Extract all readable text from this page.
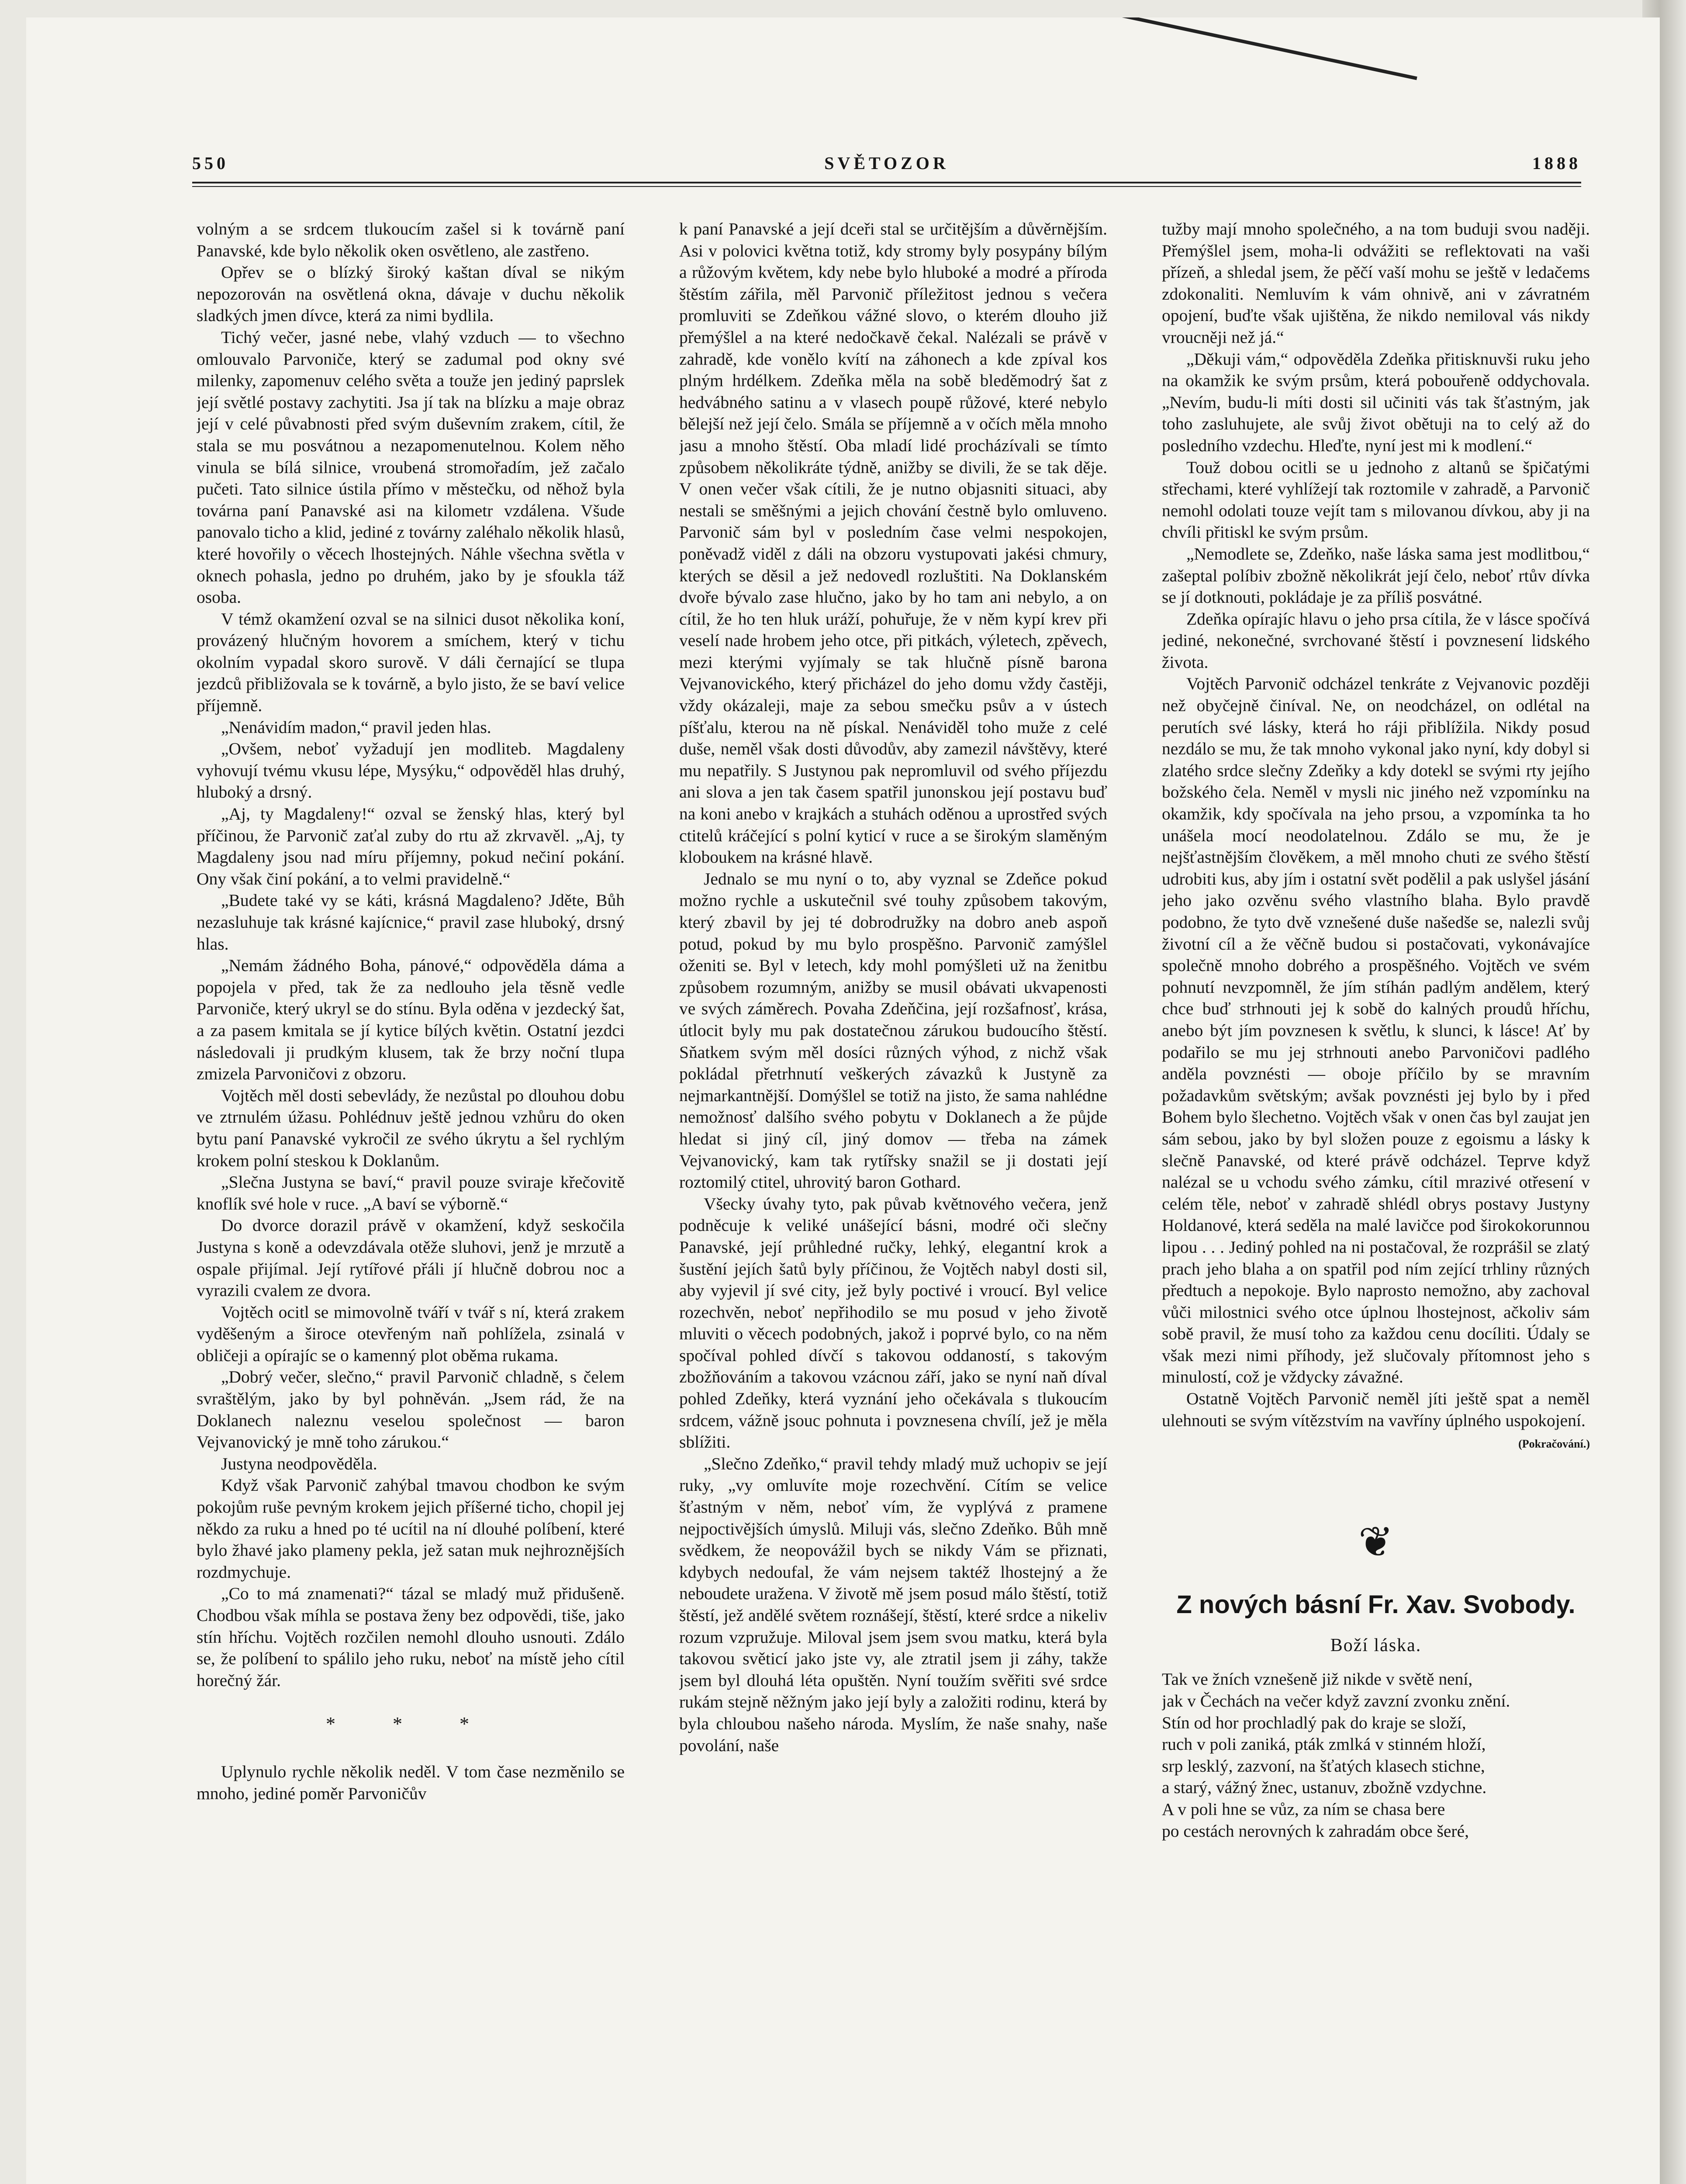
550	SVĚTOZOR	1888

volným a se srdcem tlukoucím zašel si k továrně paní Panavské, kde bylo několik oken osvětleno, ale zastřeno.

Opřev se o blízký široký kaštan díval se nikým nepozorován na osvětlená okna, dávaje v duchu několik sladkých jmen dívce, která za nimi bydlila.

Tichý večer, jasné nebe, vlahý vzduch — to všechno omlouvalo Parvoniče, který se zadumal pod okny své milenky, zapomenuv celého světa a touže jen jediný paprslek její světlé postavy zachytiti. Jsa jí tak na blízku a maje obraz její v celé půvabnosti před svým duševním zrakem, cítil, že stala se mu posvátnou a nezapomenutelnou. Kolem něho vinula se bílá silnice, vroubená stromořadím, jež začalo pučeti. Tato silnice ústila přímo v městečku, od něhož byla továrna paní Panavské asi na kilometr vzdálena. Všude panovalo ticho a klid, jediné z továrny zaléhalo několik hlasů, které hovořily o věcech lhostejných. Náhle všechna světla v oknech pohasla, jedno po druhém, jako by je sfoukla táž osoba.

V témž okamžení ozval se na silnici dusot několika koní, provázený hlučným hovorem a smíchem, který v tichu okolním vypadal skoro surově. V dáli černající se tlupa jezdců přibližovala se k továrně, a bylo jisto, že se baví velice příjemně.

„Nenávidím madon,“ pravil jeden hlas.

„Ovšem, neboť vyžadují jen modliteb. Magdaleny vyhovují tvému vkusu lépe, Mysýku,“ odpověděl hlas druhý, hluboký a drsný.

„Aj, ty Magdaleny!“ ozval se ženský hlas, který byl příčinou, že Parvonič zaťal zuby do rtu až zkrvavěl. „Aj, ty Magdaleny jsou nad míru příjemny, pokud nečiní pokání. Ony však činí pokání, a to velmi pravidelně.“

„Budete také vy se káti, krásná Magdaleno? Jděte, Bůh nezasluhuje tak krásné kajícnice,“ pravil zase hluboký, drsný hlas.

„Nemám žádného Boha, pánové,“ odpověděla dáma a popojela v před, tak že za nedlouho jela těsně vedle Parvoniče, který ukryl se do stínu. Byla oděna v jezdecký šat, a za pasem kmitala se jí kytice bílých květin. Ostatní jezdci následovali ji prudkým klusem, tak že brzy noční tlupa zmizela Parvoničovi z obzoru.

Vojtěch měl dosti sebevlády, že nezůstal po dlouhou dobu ve ztrnulém úžasu. Pohlédnuv ještě jednou vzhůru do oken bytu paní Panavské vykročil ze svého úkrytu a šel rychlým krokem polní steskou k Doklanům.

„Slečna Justyna se baví,“ pravil pouze sviraje křečovitě knoflík své hole v ruce. „A baví se výborně.“

Do dvorce dorazil právě v okamžení, když seskočila Justyna s koně a odevzdávala otěže sluhovi, jenž je mrzutě a ospale přijímal. Její rytířové přáli jí hlučně dobrou noc a vyrazili cvalem ze dvora.

Vojtěch ocitl se mimovolně tváří v tvář s ní, která zrakem vyděšeným a široce otevřeným naň pohlížela, zsinalá v obličeji a opírajíc se o kamenný plot oběma rukama.

„Dobrý večer, slečno,“ pravil Parvonič chladně, s čelem svraštělým, jako by byl pohněván. „Jsem rád, že na Doklanech naleznu veselou společnost — baron Vejvanovický je mně toho zárukou.“

Justyna neodpověděla.

Když však Parvonič zahýbal tmavou chodbon ke svým pokojům ruše pevným krokem jejich příšerné ticho, chopil jej někdo za ruku a hned po té ucítil na ní dlouhé políbení, které bylo žhavé jako plameny pekla, jež satan muk nejhroznějších rozdmychuje.

„Co to má znamenati?“ tázal se mladý muž přidušeně. Chodbou však míhla se postava ženy bez odpovědi, tiše, jako stín hříchu. Vojtěch rozčilen nemohl dlouho usnouti. Zdálo se, že políbení to spálilo jeho ruku, neboť na místě jeho cítil horečný žár.

* * *

Uplynulo rychle několik neděl. V tom čase nezměnilo se mnoho, jediné poměr Parvoničův

k paní Panavské a její dceři stal se určitějším a důvěrnějším. Asi v polovici května totiž, kdy stromy byly posypány bílým a růžovým květem, kdy nebe bylo hluboké a modré a příroda štěstím zářila, měl Parvonič příležitost jednou s večera promluviti se Zdeňkou vážné slovo, o kterém dlouho již přemýšlel a na které nedočkavě čekal. Nalézali se právě v zahradě, kde vonělo kvítí na záhonech a kde zpíval kos plným hrdélkem. Zdeňka měla na sobě bleděmodrý šat z hedvábného satinu a v vlasech poupě růžové, které nebylo bělejší než její čelo. Smála se příjemně a v očích měla mnoho jasu a mnoho štěstí. Oba mladí lidé procházívali se tímto způsobem několikráte týdně, anižby se divili, že se tak děje. V onen večer však cítili, že je nutno objasniti situaci, aby nestali se směšnými a jejich chování čestně bylo omluveno. Parvonič sám byl v posledním čase velmi nespokojen, poněvadž viděl z dáli na obzoru vystupovati jakési chmury, kterých se děsil a jež nedovedl rozluštiti. Na Doklanském dvoře bývalo zase hlučno, jako by ho tam ani nebylo, a on cítil, že ho ten hluk uráží, pohuřuje, že v něm kypí krev při veselí nade hrobem jeho otce, při pitkách, výletech, zpěvech, mezi kterými vyjímaly se tak hlučně písně barona Vejvanovického, který přicházel do jeho domu vždy častěji, vždy okázaleji, maje za sebou smečku psův a v ústech píšťalu, kterou na ně pískal. Nenáviděl toho muže z celé duše, neměl však dosti důvodův, aby zamezil návštěvy, které mu nepatřily. S Justynou pak nepromluvil od svého příjezdu ani slova a jen tak časem spatřil junonskou její postavu buď na koni anebo v krajkách a stuhách oděnou a uprostřed svých ctitelů kráčející s polní kyticí v ruce a se širokým slaměným kloboukem na krásné hlavě.

Jednalo se mu nyní o to, aby vyznal se Zdeňce pokud možno rychle a uskutečnil své touhy způsobem takovým, který zbavil by jej té dobrodružky na dobro aneb aspoň potud, pokud by mu bylo prospěšno. Parvonič zamýšlel oženiti se. Byl v letech, kdy mohl pomýšleti už na ženitbu způsobem rozumným, anižby se musil obávati ukvapenosti ve svých záměrech. Povaha Zdeňčina, její rozšafnosť, krása, útlocit byly mu pak dostatečnou zárukou budoucího štěstí. Sňatkem svým měl dosíci různých výhod, z nichž však pokládal přetrhnutí veškerých závazků k Justyně za nejmarkantnější. Domýšlel se totiž na jisto, že sama nahlédne nemožnosť dalšího svého pobytu v Doklanech a že půjde hledat si jiný cíl, jiný domov — třeba na zámek Vejvanovický, kam tak rytířsky snažil se ji dostati její roztomilý ctitel, uhrovitý baron Gothard.

Všecky úvahy tyto, pak půvab květnového večera, jenž podněcuje k veliké unášející básni, modré oči slečny Panavské, její průhledné ručky, lehký, elegantní krok a šustění jejích šatů byly příčinou, že Vojtěch nabyl dosti sil, aby vyjevil jí své city, jež byly poctivé i vroucí. Byl velice rozechvěn, neboť nepřihodilo se mu posud v jeho životě mluviti o věcech podobných, jakož i poprvé bylo, co na něm spočíval pohled dívčí s takovou oddaností, s takovým zbožňováním a takovou vzácnou září, jako se nyní naň díval pohled Zdeňky, která vyznání jeho očekávala s tlukoucím srdcem, vážně jsouc pohnuta i povznesena chvílí, jež je měla sblížiti.

„Slečno Zdeňko,“ pravil tehdy mladý muž uchopiv se její ruky, „vy omluvíte moje rozechvění. Cítím se velice šťastným v něm, neboť vím, že vyplývá z pramene nejpoctivějších úmyslů. Miluji vás, slečno Zdeňko. Bůh mně svědkem, že neopovážil bych se nikdy Vám se přiznati, kdybych nedoufal, že vám nejsem taktéž lhostejný a že neboudete uražena. V životě mě jsem posud málo štěstí, totiž štěstí, jež andělé světem roznášejí, štěstí, které srdce a nikeliv rozum vzpružuje. Miloval jsem jsem svou matku, která byla takovou světicí jako jste vy, ale ztratil jsem ji záhy, takže jsem byl dlouhá léta opuštěn. Nyní toužím svěřiti své srdce rukám stejně něžným jako její byly a založiti rodinu, která by byla chloubou našeho národa. Myslím, že naše snahy, naše povolání, naše

tužby mají mnoho společného, a na tom buduji svou naději. Přemýšlel jsem, moha-li odvážiti se reflektovati na vaši přízeň, a shledal jsem, že pěčí vaší mohu se ještě v ledačems zdokonaliti. Nemluvím k vám ohnivě, ani v závratném opojení, buďte však ujištěna, že nikdo nemiloval vás nikdy vroucněji než já.“

„Děkuji vám,“ odpověděla Zdeňka přitisknuvši ruku jeho na okamžik ke svým prsům, která pobouřeně oddychovala. „Nevím, budu-li míti dosti sil učiniti vás tak šťastným, jak toho zasluhujete, ale svůj život obětuji na to celý až do posledního vzdechu. Hleďte, nyní jest mi k modlení.“

Touž dobou ocitli se u jednoho z altanů se špičatými střechami, které vyhlížejí tak roztomile v zahradě, a Parvonič nemohl odolati touze vejít tam s milovanou dívkou, aby ji na chvíli přitiskl ke svým prsům.

„Nemodlete se, Zdeňko, naše láska sama jest modlitbou,“ zašeptal políbiv zbožně několikrát její čelo, neboť rtův dívka se jí dotknouti, pokládaje je za příliš posvátné.

Zdeňka opírajíc hlavu o jeho prsa cítila, že v lásce spočívá jediné, nekonečné, svrchované štěstí i povznesení lidského života.

Vojtěch Parvonič odcházel tenkráte z Vejvanovic později než obyčejně činíval. Ne, on neodcházel, on odlétal na perutích své lásky, která ho ráji přiblížila. Nikdy posud nezdálo se mu, že tak mnoho vykonal jako nyní, kdy dobyl si zlatého srdce slečny Zdeňky a kdy dotekl se svými rty jejího božského čela. Neměl v mysli nic jiného než vzpomínku na okamžik, kdy spočívala na jeho prsou, a vzpomínka ta ho unášela mocí neodolatelnou. Zdálo se mu, že je nejšťastnějším člověkem, a měl mnoho chuti ze svého štěstí udrobiti kus, aby jím i ostatní svět podělil a pak uslyšel jásání jeho jako ozvěnu svého vlastního blaha. Bylo pravdě podobno, že tyto dvě vznešené duše našedše se, nalezli svůj životní cíl a že věčně budou si postačovati, vykonávajíce společně mnoho dobrého a prospěšného. Vojtěch ve svém pohnutí nevzpomněl, že jím stíhán padlým andělem, který chce buď strhnouti jej k sobě do kalných proudů hříchu, anebo být jím povznesen k světlu, k slunci, k lásce! Ať by podařilo se mu jej strhnouti anebo Parvoničovi padlého anděla povznésti — oboje příčilo by se mravním požadavkům světským; avšak povznésti jej bylo by i před Bohem bylo šlechetno. Vojtěch však v onen čas byl zaujat jen sám sebou, jako by byl složen pouze z egoismu a lásky k slečně Panavské, od které právě odcházel. Teprve když nalézal se u vchodu svého zámku, cítil mrazivé otřesení v celém těle, neboť v zahradě shlédl obrys postavy Justyny Holdanové, která seděla na malé lavičce pod širokokorunnou lipou . . . Jediný pohled na ni postačoval, že rozprášil se zlatý prach jeho blaha a on spatřil pod ním zející trhliny různých předtuch a nepokoje. Bylo naprosto nemožno, aby zachoval vůči milostnici svého otce úplnou lhostejnost, ačkoliv sám sobě pravil, že musí toho za každou cenu docíliti. Údaly se však mezi nimi příhody, jež slučovaly přítomnost jeho s minulostí, což je vždycky závažné.

Ostatně Vojtěch Parvonič neměl jíti ještě spat a neměl ulehnouti se svým vítězstvím na vavříny úplného uspokojení.

(Pokračování.)
❦
Z nových básní Fr. Xav. Svobody.
Boží láska.

Tak ve žních vznešeně již nikde v světě není,
jak v Čechách na večer když zavzní zvonku znění.
Stín od hor prochladlý pak do kraje se složí,
ruch v poli zaniká, pták zmlká v stinném hloží,
srp lesklý, zazvoní, na šťatých klasech stichne,
a starý, vážný žnec, ustanuv, zbožně vzdychne.
A v poli hne se vůz, za ním se chasa bere
po cestách nerovných k zahradám obce šeré,
